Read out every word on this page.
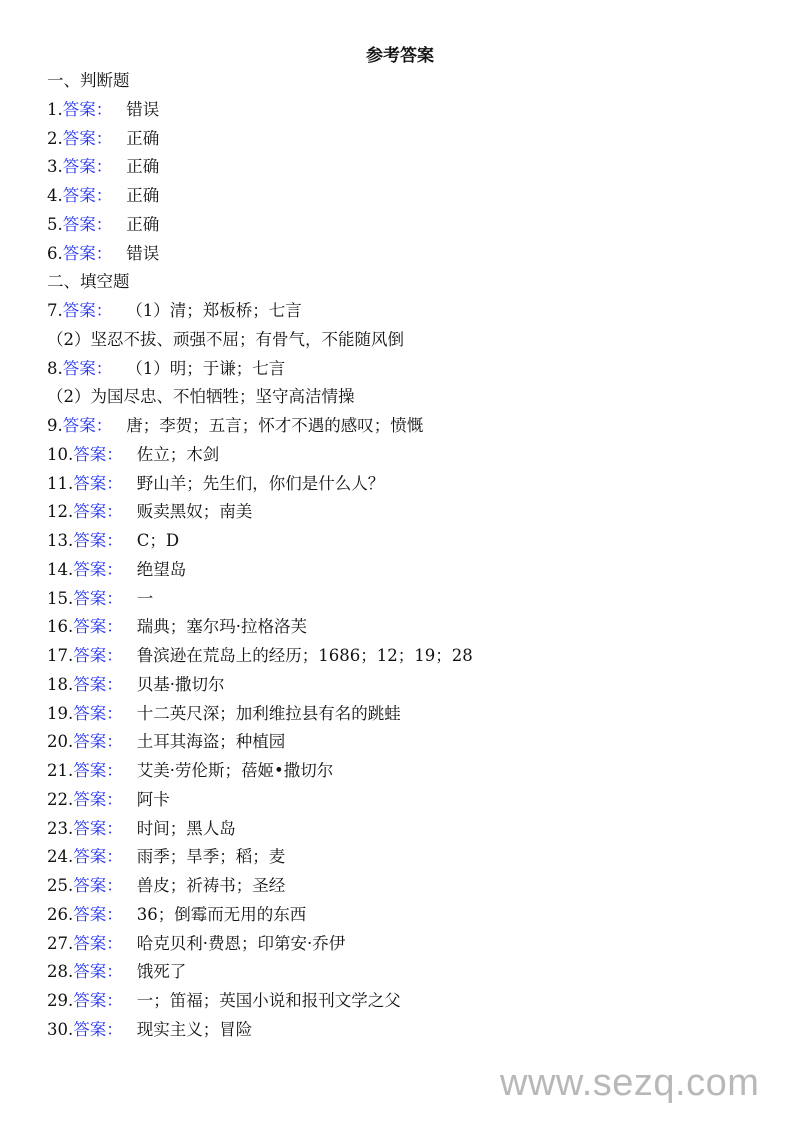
参考答案
一、判断题
1.答案： 错误
2.答案： 正确
3.答案： 正确
4.答案： 正确
5.答案： 正确
6.答案： 错误
二、填空题
7.答案： （1）清；郑板桥；七言
（2）坚忍不拔、顽强不屈；有骨气，不能随风倒
8.答案： （1）明；于谦；七言
（2）为国尽忠、不怕牺牲；坚守高洁情操
9.答案： 唐；李贺；五言；怀才不遇的感叹；愤慨
10.答案： 佐立；木剑
11.答案： 野山羊；先生们，你们是什么人？
12.答案： 贩卖黑奴；南美
13.答案： C；D
14.答案： 绝望岛
15.答案： 一
16.答案： 瑞典；塞尔玛·拉格洛芙
17.答案： 鲁滨逊在荒岛上的经历；1686；12；19；28
18.答案： 贝基·撒切尔
19.答案： 十二英尺深；加利维拉县有名的跳蛙
20.答案： 土耳其海盗；种植园
21.答案： 艾美·劳伦斯；蓓姬•撒切尔
22.答案： 阿卡
23.答案： 时间；黑人岛
24.答案： 雨季；旱季；稻；麦
25.答案： 兽皮；祈祷书；圣经
26.答案： 36；倒霉而无用的东西
27.答案： 哈克贝利·费恩；印第安·乔伊
28.答案： 饿死了
29.答案： 一；笛福；英国小说和报刊文学之父
30.答案： 现实主义；冒险
www.sezq.com
